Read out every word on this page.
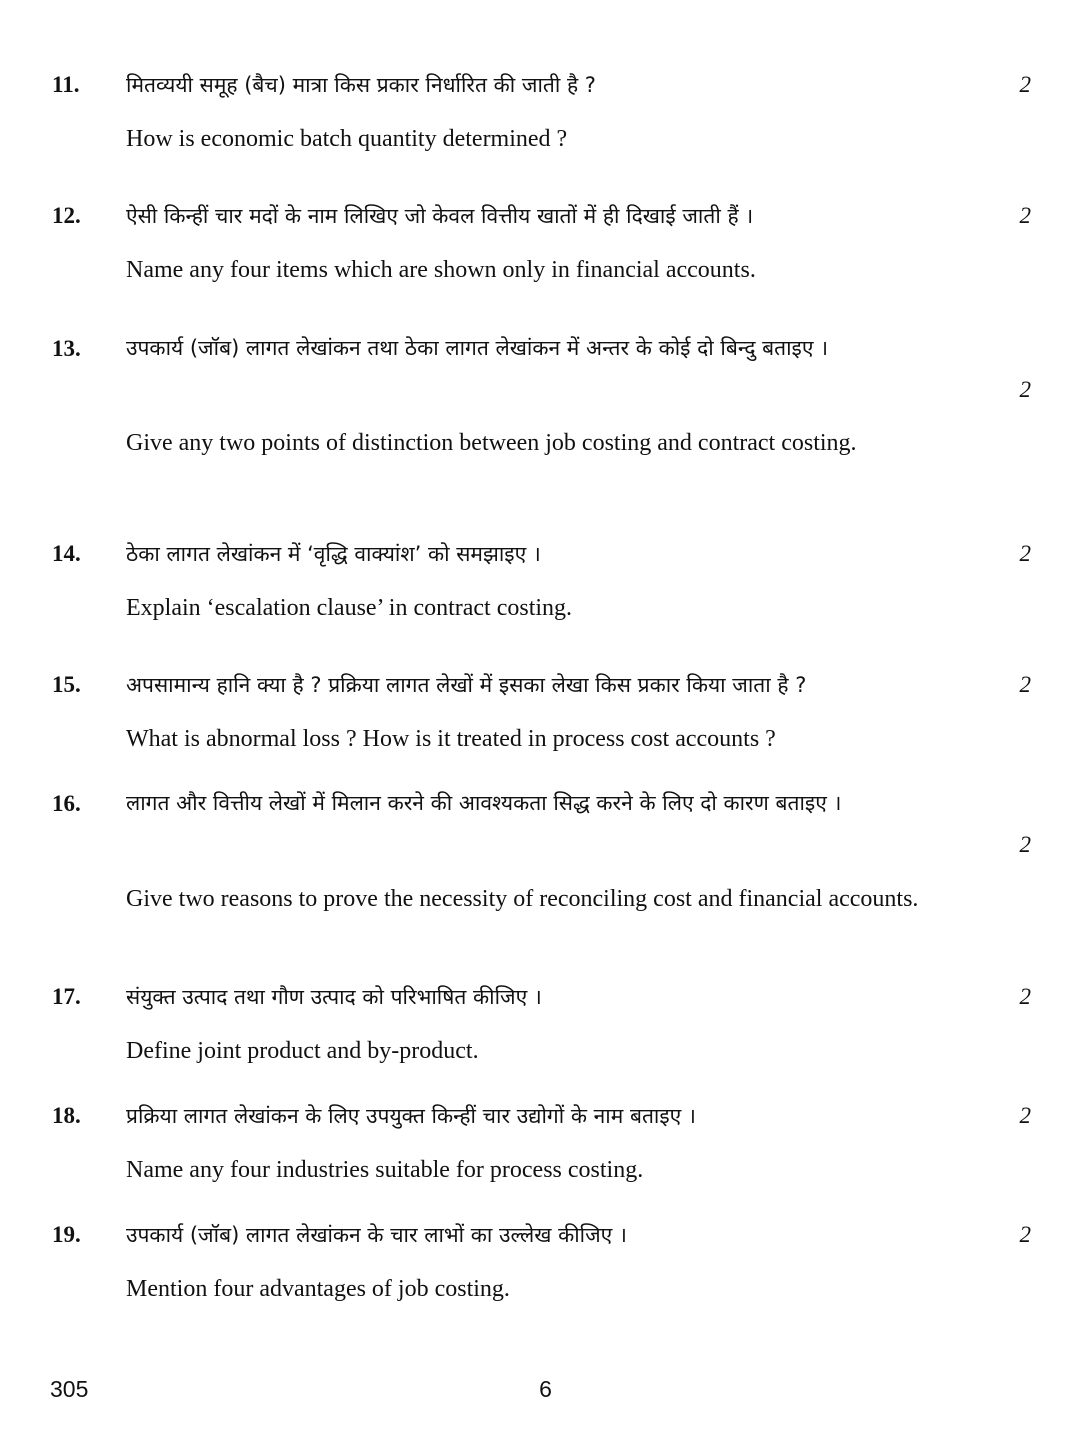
11. मितव्ययी समूह (बैच) मात्रा किस प्रकार निर्धारित की जाती है ?	2
How is economic batch quantity determined ?
12. ऐसी किन्हीं चार मदों के नाम लिखिए जो केवल वित्तीय खातों में ही दिखाई जाती हैं ।	2
Name any four items which are shown only in financial accounts.
13. उपकार्य (जॉब) लागत लेखांकन तथा ठेका लागत लेखांकन में अन्तर के कोई दो बिन्दु बताइए ।
2
Give any two points of distinction between job costing and contract costing.
14. ठेका लागत लेखांकन में ‘वृद्धि वाक्यांश’ को समझाइए ।	2
Explain ‘escalation clause’ in contract costing.
15. अपसामान्य हानि क्या है ? प्रक्रिया लागत लेखों में इसका लेखा किस प्रकार किया जाता है ?	2
What is abnormal loss ? How is it treated in process cost accounts ?
16. लागत और वित्तीय लेखों में मिलान करने की आवश्यकता सिद्ध करने के लिए दो कारण बताइए ।
2
Give two reasons to prove the necessity of reconciling cost and financial accounts.
17. संयुक्त उत्पाद तथा गौण उत्पाद को परिभाषित कीजिए ।	2
Define joint product and by-product.
18. प्रक्रिया लागत लेखांकन के लिए उपयुक्त किन्हीं चार उद्योगों के नाम बताइए ।	2
Name any four industries suitable for process costing.
19. उपकार्य (जॉब) लागत लेखांकन के चार लाभों का उल्लेख कीजिए ।	2
Mention four advantages of job costing.
305	6
